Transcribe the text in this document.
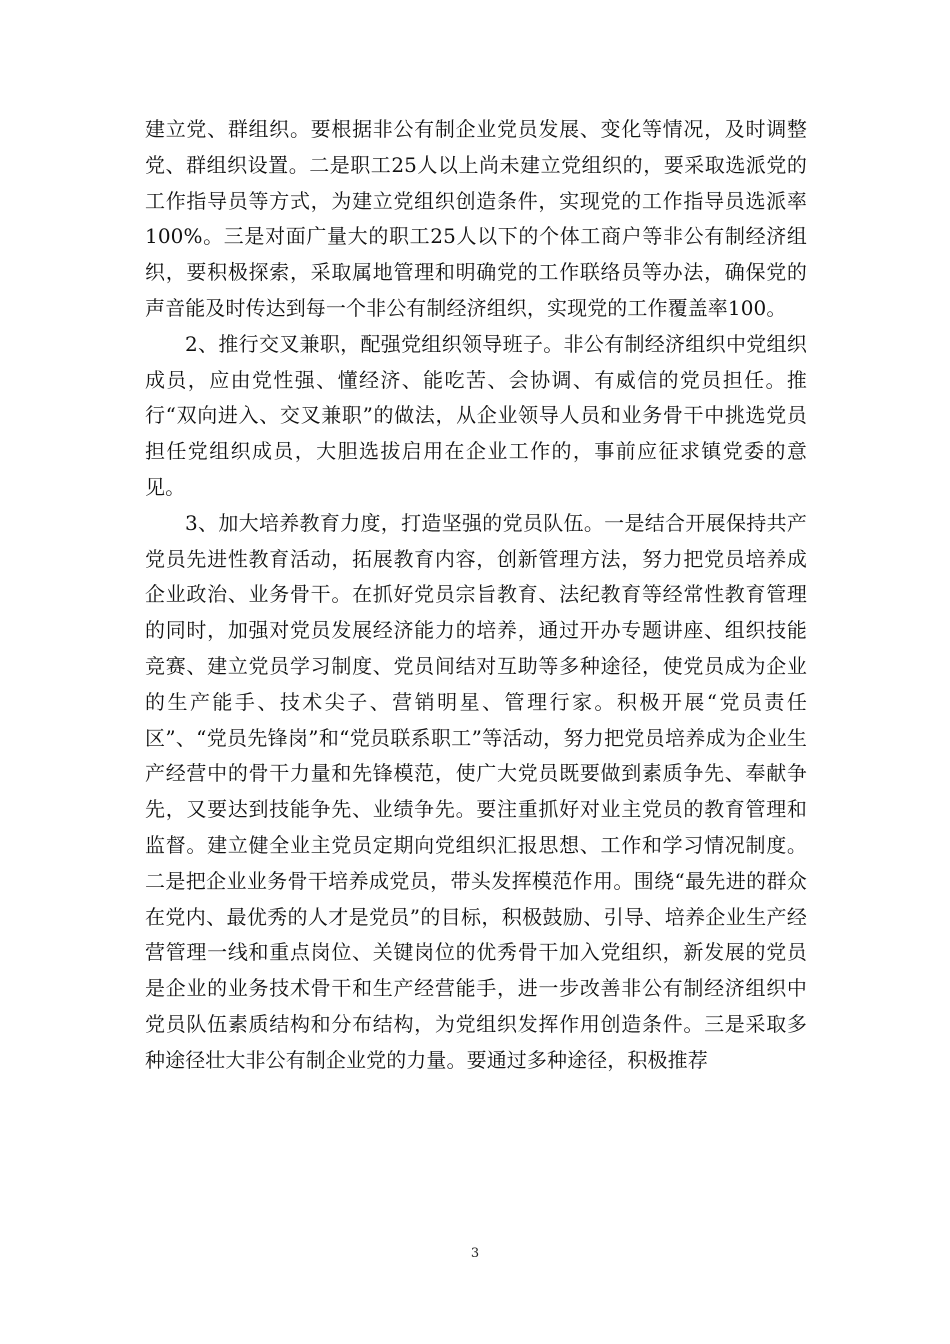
建立党、群组织。要根据非公有制企业党员发展、变化等情况，及时调整党、群组织设置。二是职工25人以上尚未建立党组织的，要采取选派党的工作指导员等方式，为建立党组织创造条件，实现党的工作指导员选派率100%。三是对面广量大的职工25人以下的个体工商户等非公有制经济组织，要积极探索，采取属地管理和明确党的工作联络员等办法，确保党的声音能及时传达到每一个非公有制经济组织，实现党的工作覆盖率100。

2、推行交叉兼职，配强党组织领导班子。非公有制经济组织中党组织成员，应由党性强、懂经济、能吃苦、会协调、有威信的党员担任。推行“双向进入、交叉兼职”的做法，从企业领导人员和业务骨干中挑选党员担任党组织成员，大胆选拔启用在企业工作的，事前应征求镇党委的意见。

3、加大培养教育力度，打造坚强的党员队伍。一是结合开展保持共产党员先进性教育活动，拓展教育内容，创新管理方法，努力把党员培养成企业政治、业务骨干。在抓好党员宗旨教育、法纪教育等经常性教育管理的同时，加强对党员发展经济能力的培养，通过开办专题讲座、组织技能竞赛、建立党员学习制度、党员间结对互助等多种途径，使党员成为企业的生产能手、技术尖子、营销明星、管理行家。积极开展“党员责任区”、“党员先锋岗”和“党员联系职工”等活动，努力把党员培养成为企业生产经营中的骨干力量和先锋模范，使广大党员既要做到素质争先、奉献争先，又要达到技能争先、业绩争先。要注重抓好对业主党员的教育管理和监督。建立健全业主党员定期向党组织汇报思想、工作和学习情况制度。二是把企业业务骨干培养成党员，带头发挥模范作用。围绕“最先进的群众在党内、最优秀的人才是党员”的目标，积极鼓励、引导、培养企业生产经营管理一线和重点岗位、关键岗位的优秀骨干加入党组织，新发展的党员是企业的业务技术骨干和生产经营能手，进一步改善非公有制经济组织中党员队伍素质结构和分布结构，为党组织发挥作用创造条件。三是采取多种途径壮大非公有制企业党的力量。要通过多种途径，积极推荐

3
